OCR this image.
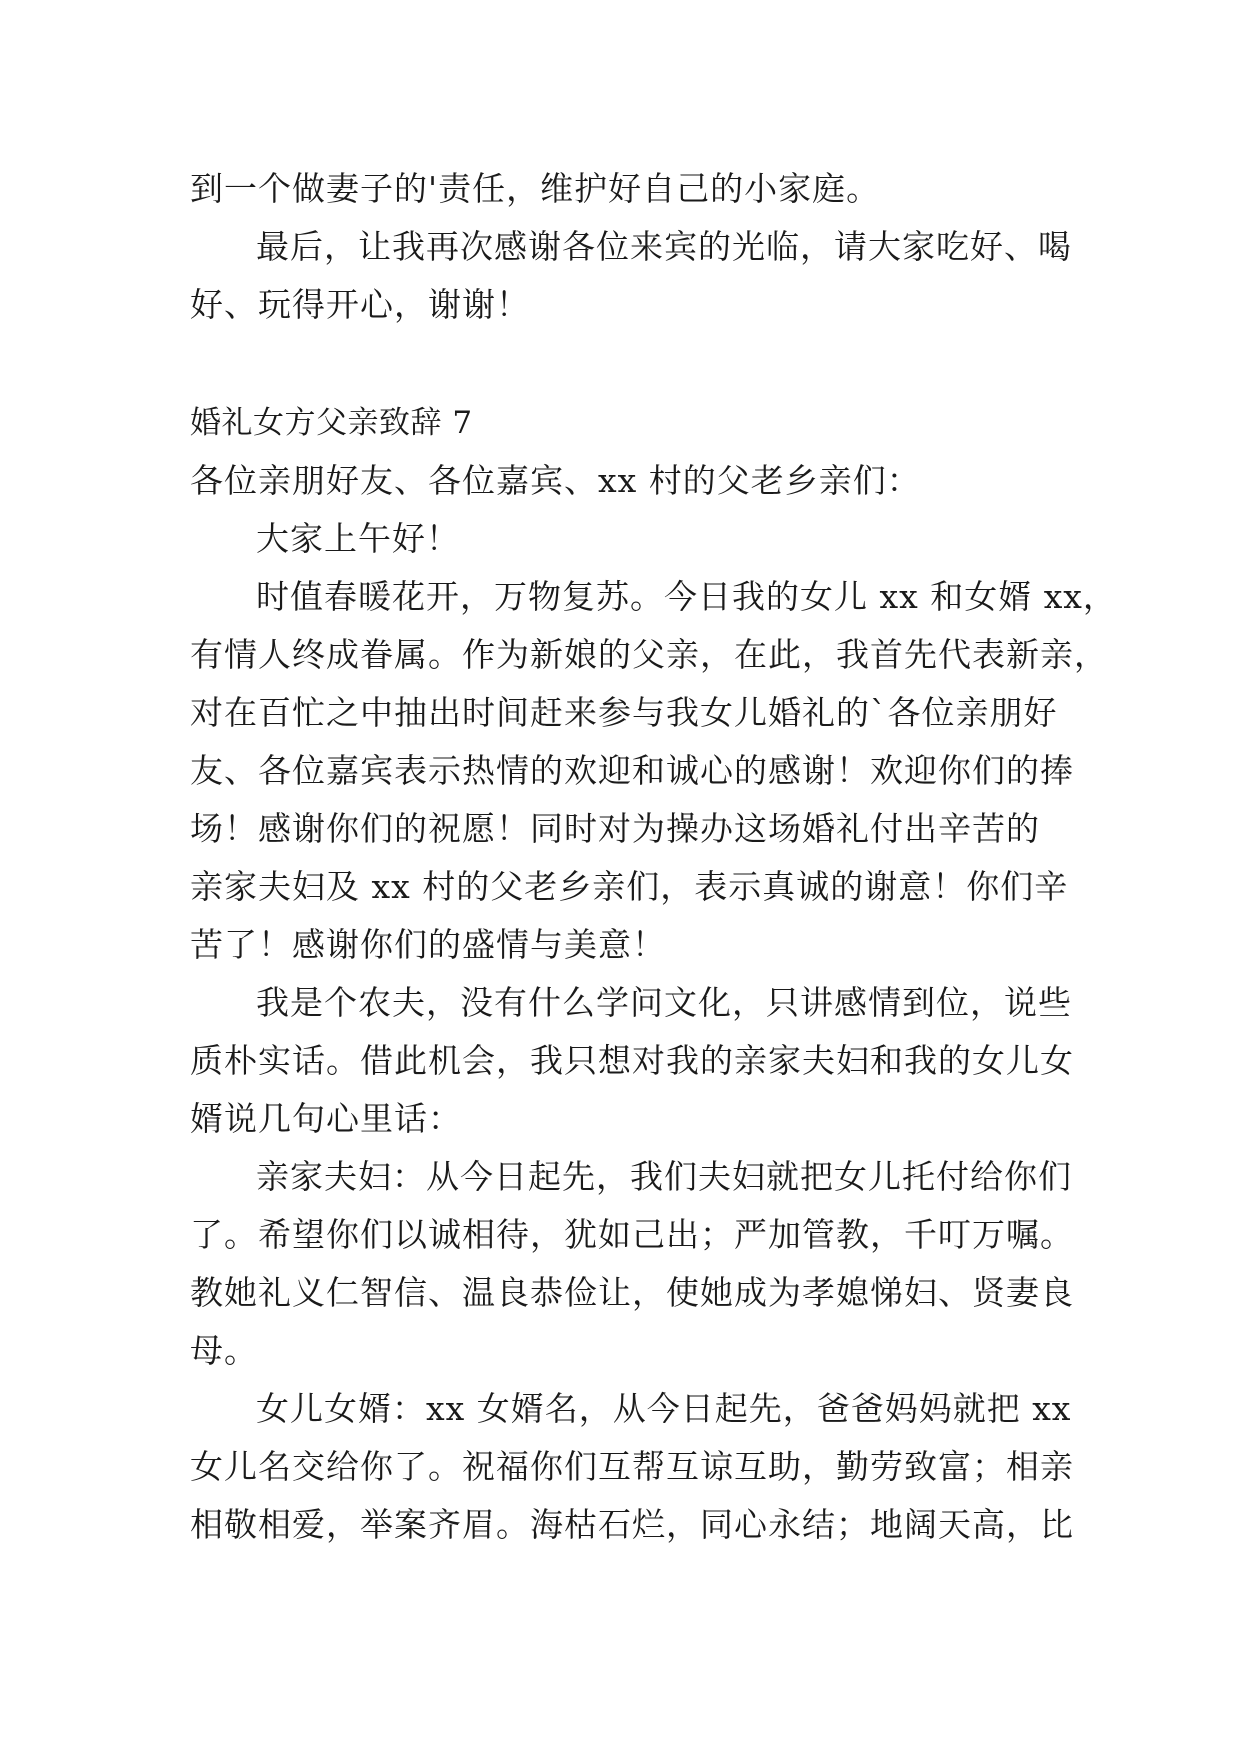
到一个做妻子的'责任，维护好自己的小家庭。
最后，让我再次感谢各位来宾的光临，请大家吃好、喝
好、玩得开心，谢谢！
婚礼女方父亲致辞 7
各位亲朋好友、各位嘉宾、xx 村的父老乡亲们：
大家上午好！
时值春暖花开，万物复苏。今日我的女儿 xx 和女婿 xx，
有情人终成眷属。作为新娘的父亲，在此，我首先代表新亲，
对在百忙之中抽出时间赶来参与我女儿婚礼的`各位亲朋好
友、各位嘉宾表示热情的欢迎和诚心的感谢！欢迎你们的捧
场！感谢你们的祝愿！同时对为操办这场婚礼付出辛苦的
亲家夫妇及 xx 村的父老乡亲们，表示真诚的谢意！你们辛
苦了！感谢你们的盛情与美意！
我是个农夫，没有什么学问文化，只讲感情到位，说些
质朴实话。借此机会，我只想对我的亲家夫妇和我的女儿女
婿说几句心里话：
亲家夫妇：从今日起先，我们夫妇就把女儿托付给你们
了。希望你们以诚相待，犹如己出；严加管教，千叮万嘱。
教她礼义仁智信、温良恭俭让，使她成为孝媳悌妇、贤妻良
母。
女儿女婿：xx 女婿名，从今日起先，爸爸妈妈就把 xx
女儿名交给你了。祝福你们互帮互谅互助，勤劳致富；相亲
相敬相爱，举案齐眉。海枯石烂，同心永结；地阔天高，比
